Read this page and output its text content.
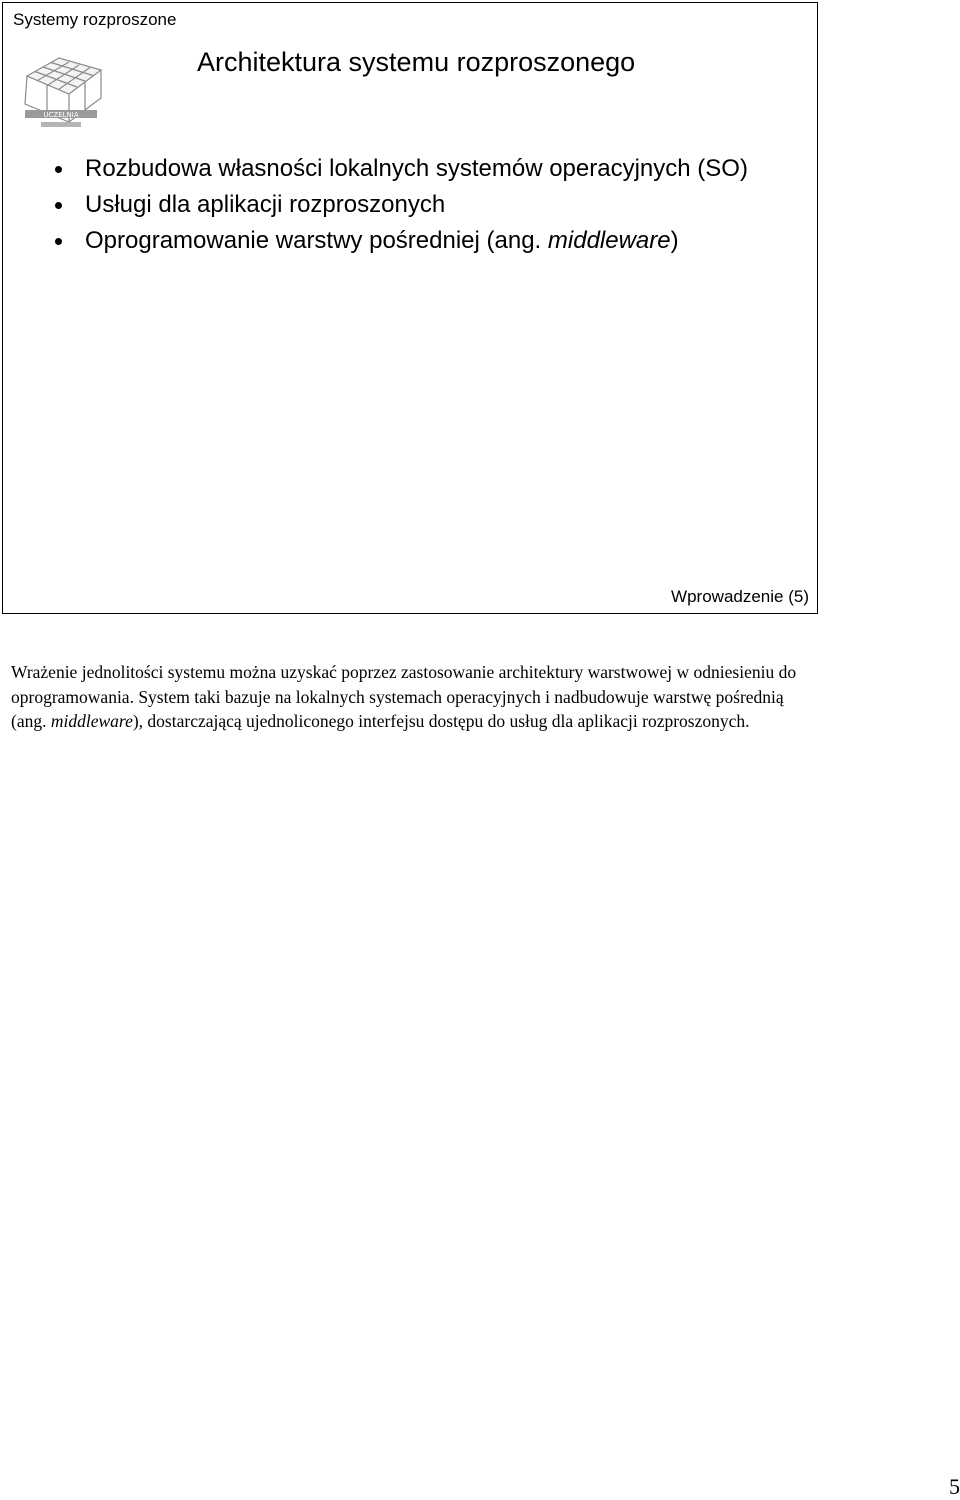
Systemy rozproszone
UCZELNIA
Architektura systemu rozproszonego
Rozbudowa własności lokalnych systemów operacyjnych (SO)
Usługi dla aplikacji rozproszonych
Oprogramowanie warstwy pośredniej (ang. middleware)
Wprowadzenie (5)
Wrażenie jednolitości systemu można uzyskać poprzez zastosowanie architektury warstwowej w odniesieniu do oprogramowania. System taki bazuje na lokalnych systemach operacyjnych i nadbudowuje warstwę pośrednią (ang. middleware), dostarczającą ujednoliconego interfejsu dostępu do usług dla aplikacji rozproszonych.
5
